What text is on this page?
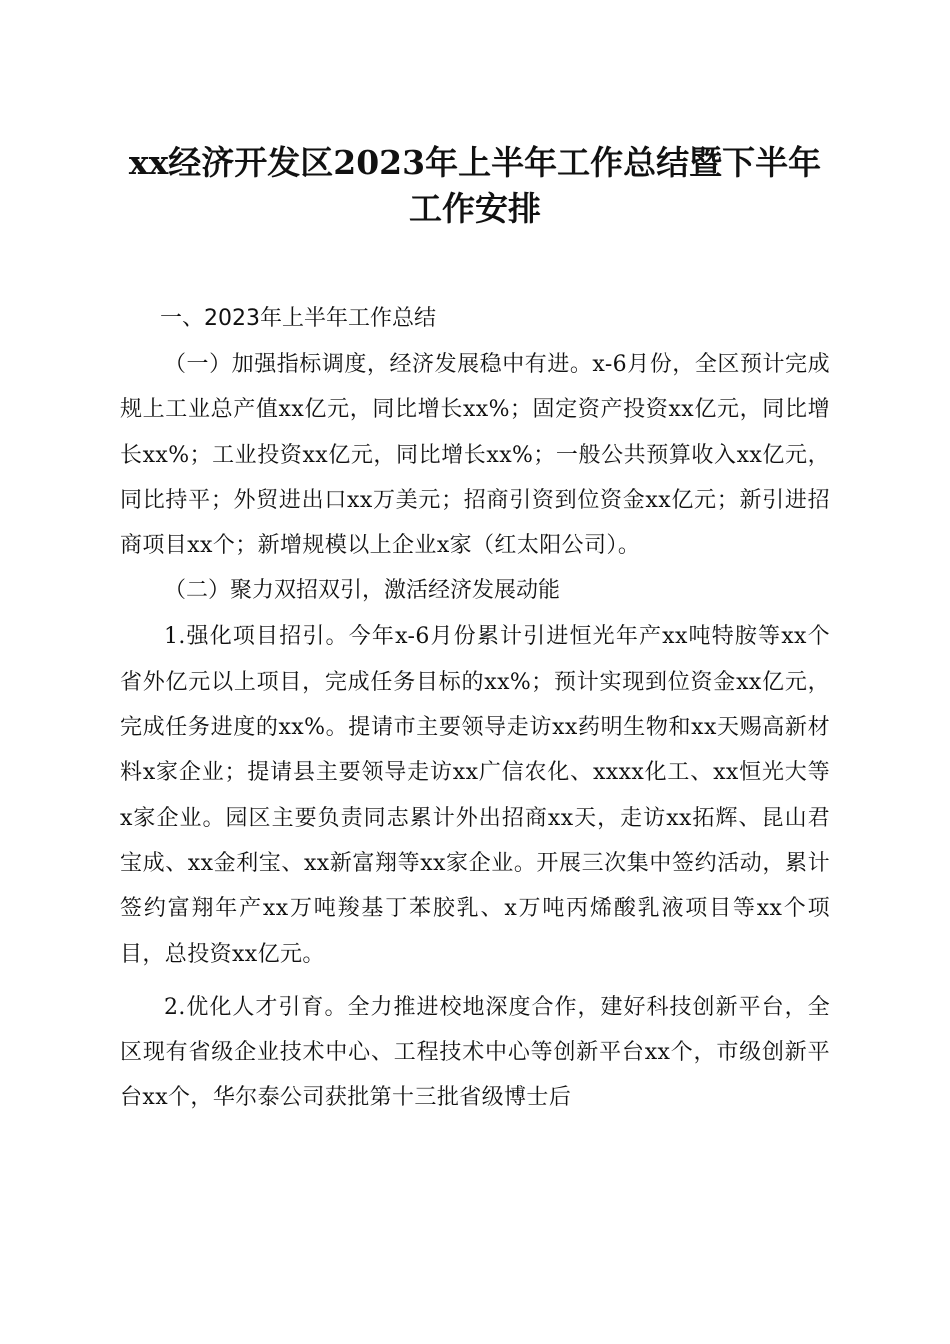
xx经济开发区2023年上半年工作总结暨下半年工作安排
一、2023年上半年工作总结

（一）加强指标调度，经济发展稳中有进。x-6月份，全区预计完成规上工业总产值xx亿元，同比增长xx%；固定资产投资xx亿元，同比增长xx%；工业投资xx亿元，同比增长xx%；一般公共预算收入xx亿元，同比持平；外贸进出口xx万美元；招商引资到位资金xx亿元；新引进招商项目xx个；新增规模以上企业x家（红太阳公司）。

（二）聚力双招双引，激活经济发展动能

1.强化项目招引。今年x-6月份累计引进恒光年产xx吨特胺等xx个省外亿元以上项目，完成任务目标的xx%；预计实现到位资金xx亿元，完成任务进度的xx%。提请市主要领导走访xx药明生物和xx天赐高新材料x家企业；提请县主要领导走访xx广信农化、xxxx化工、xx恒光大等x家企业。园区主要负责同志累计外出招商xx天，走访xx拓辉、昆山君宝成、xx金利宝、xx新富翔等xx家企业。开展三次集中签约活动，累计签约富翔年产xx万吨羧基丁苯胶乳、x万吨丙烯酸乳液项目等xx个项目，总投资xx亿元。

2.优化人才引育。全力推进校地深度合作，建好科技创新平台，全区现有省级企业技术中心、工程技术中心等创新平台xx个，市级创新平台xx个，华尔泰公司获批第十三批省级博士后
